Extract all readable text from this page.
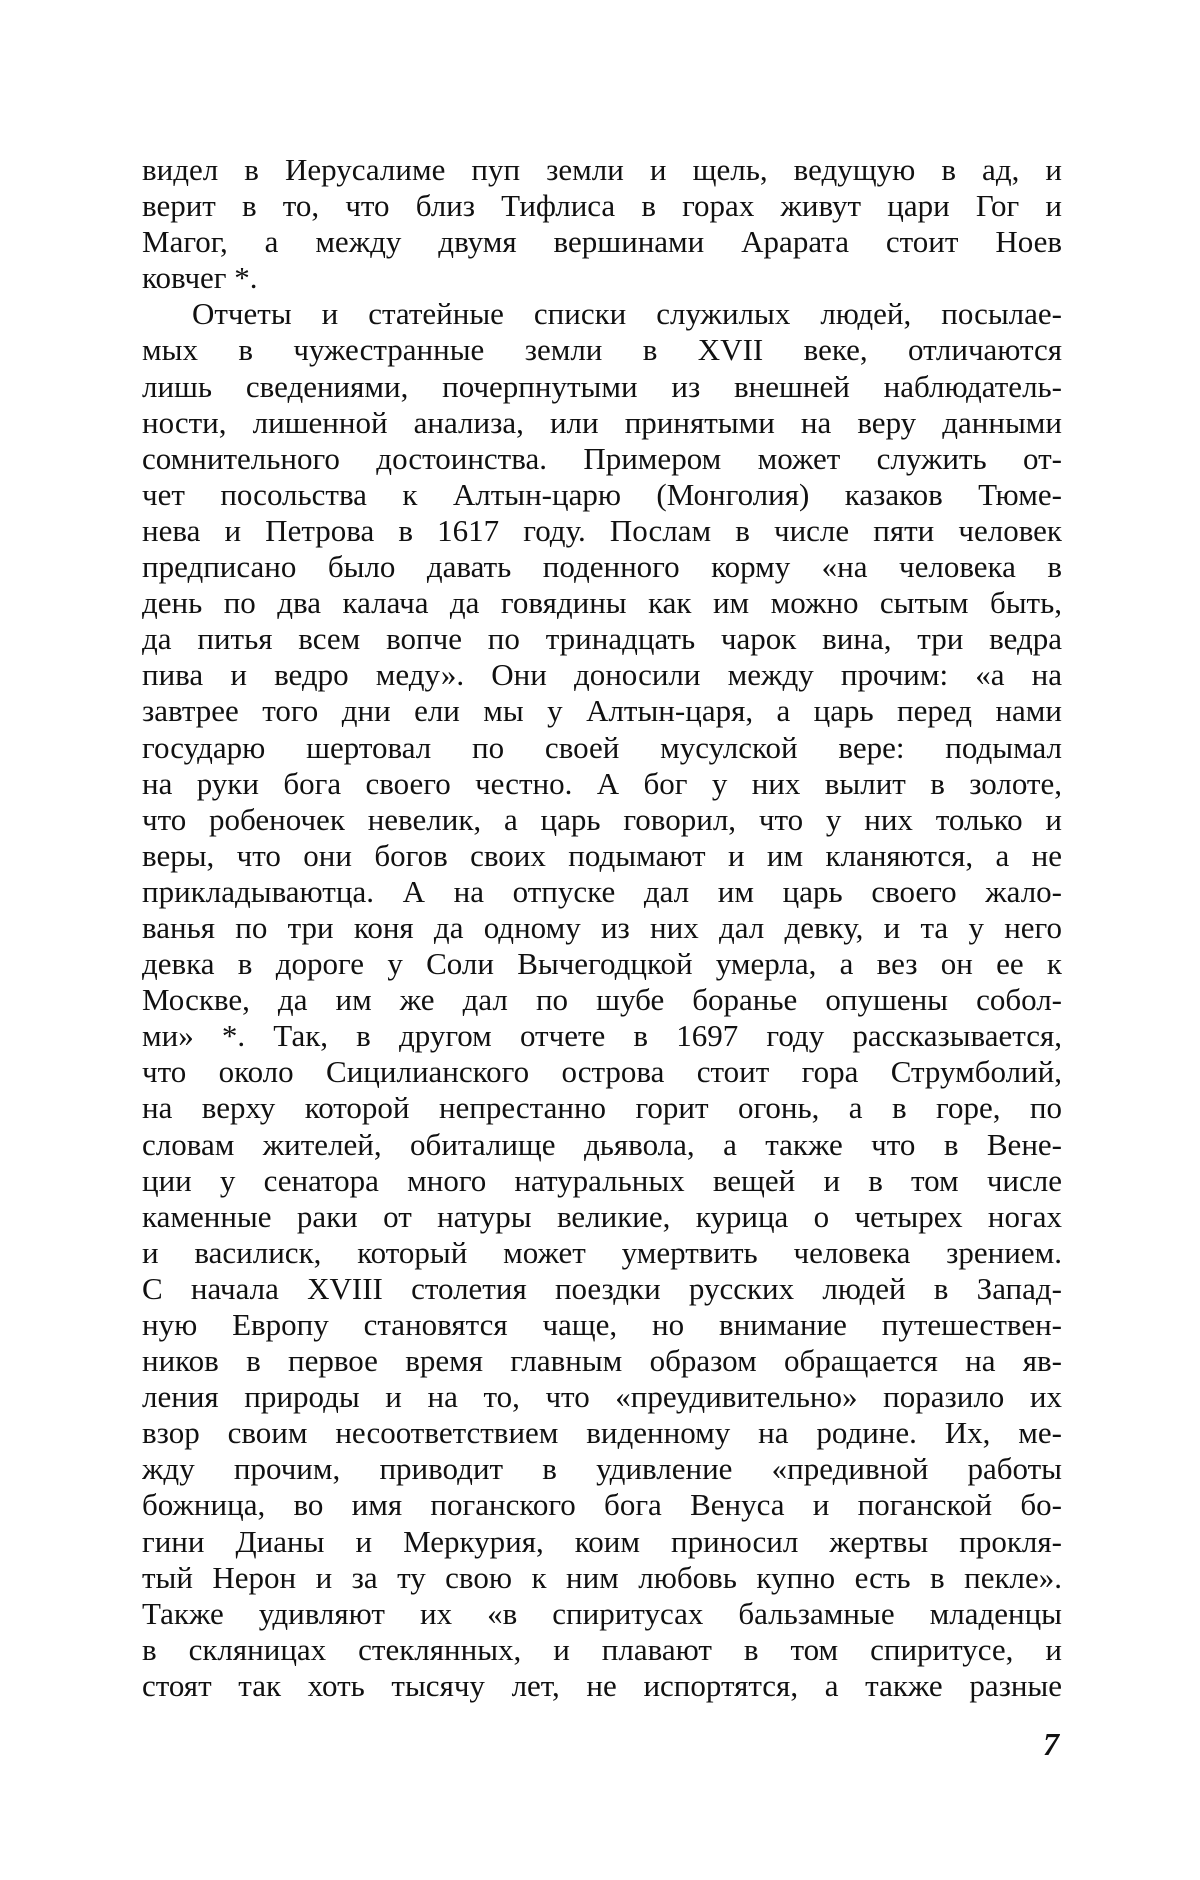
видел в Иерусалиме пуп земли и щель, ведущую в ад, и
верит в то, что близ Тифлиса в горах живут цари Гог и
Магог, а между двумя вершинами Арарата стоит Ноев
ковчег *.
Отчеты и статейные списки служилых людей, посылае-
мых в чужестранные земли в XVII веке, отличаются
лишь сведениями, почерпнутыми из внешней наблюдатель-
ности, лишенной анализа, или принятыми на веру данными
сомнительного достоинства. Примером может служить от-
чет посольства к Алтын-царю (Монголия) казаков Тюме-
нева и Петрова в 1617 году. Послам в числе пяти человек
предписано было давать поденного корму «на человека в
день по два калача да говядины как им можно сытым быть,
да питья всем вопче по тринадцать чарок вина, три ведра
пива и ведро меду». Они доносили между прочим: «а на
завтрее того дни ели мы у Алтын-царя, а царь перед нами
государю шертовал по своей мусулской вере: подымал
на руки бога своего честно. А бог у них вылит в золоте,
что робеночек невелик, а царь говорил, что у них только и
веры, что они богов своих подымают и им кланяются, а не
прикладываютца. А на отпуске дал им царь своего жало-
ванья по три коня да одному из них дал девку, и та у него
девка в дороге у Соли Вычегодцкой умерла, а вез он ее к
Москве, да им же дал по шубе боранье опушены собол-
ми» *. Так, в другом отчете в 1697 году рассказывается,
что около Сицилианского острова стоит гора Струмболий,
на верху которой непрестанно горит огонь, а в горе, по
словам жителей, обиталище дьявола, а также что в Вене-
ции у сенатора много натуральных вещей и в том числе
каменные раки от натуры великие, курица о четырех ногах
и василиск, который может умертвить человека зрением.
С начала XVIII столетия поездки русских людей в Запад-
ную Европу становятся чаще, но внимание путешествен-
ников в первое время главным образом обращается на яв-
ления природы и на то, что «преудивительно» поразило их
взор своим несоответствием виденному на родине. Их, ме-
жду прочим, приводит в удивление «предивной работы
божница, во имя поганского бога Венуса и поганской бо-
гини Дианы и Меркурия, коим приносил жертвы прокля-
тый Нерон и за ту свою к ним любовь купно есть в пекле».
Также удивляют их «в спиритусах бальзамные младенцы
в скляницах стеклянных, и плавают в том спиритусе, и
стоят так хоть тысячу лет, не испортятся, а также разные
7
